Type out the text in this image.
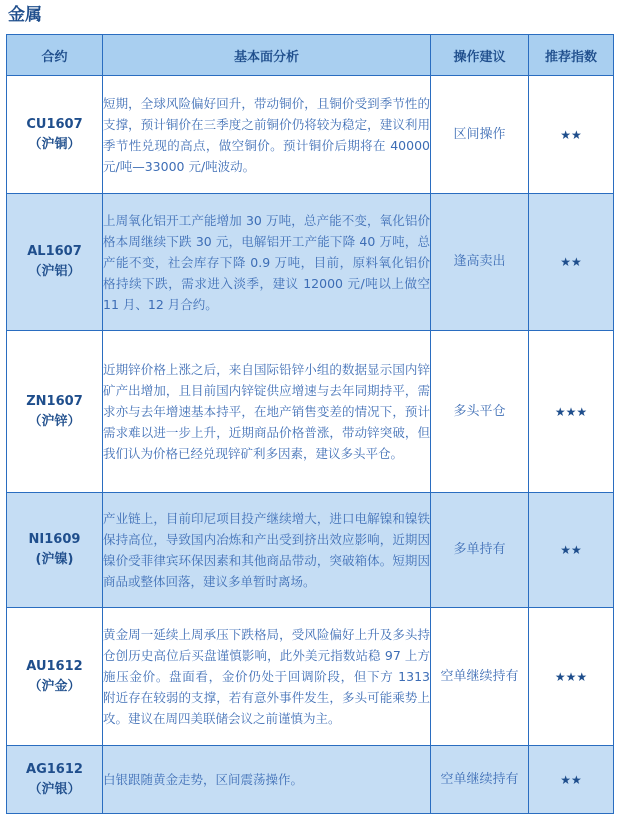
金属
合约	基本面分析	操作建议	推荐指数

CU1607
（沪铜）	短期，全球风险偏好回升，带动铜价，且铜价受到季节性的支撑，预计铜价在三季度之前铜价仍将较为稳定，建议利用季节性兑现的高点，做空铜价。预计铜价后期将在 40000 元/吨—33000 元/吨波动。	区间操作	★★

AL1607
（沪铝）	上周氧化铝开工产能增加 30 万吨，总产能不变，氧化铝价格本周继续下跌 30 元，电解铝开工产能下降 40 万吨，总产能不变，社会库存下降 0.9 万吨，目前，原料氧化铝价格持续下跌，需求进入淡季，建议 12000 元/吨以上做空 11 月、12 月合约。	逢高卖出	★★

ZN1607
（沪锌）	近期锌价格上涨之后，来自国际铅锌小组的数据显示国内锌矿产出增加，且目前国内锌锭供应增速与去年同期持平，需求亦与去年增速基本持平，在地产销售变差的情况下，预计需求难以进一步上升，近期商品价格普涨，带动锌突破，但我们认为价格已经兑现锌矿利多因素，建议多头平仓。	多头平仓	★★★

NI1609
(沪镍)	产业链上，目前印尼项目投产继续增大，进口电解镍和镍铁保持高位，导致国内冶炼和产出受到挤出效应影响，近期因镍价受菲律宾环保因素和其他商品带动，突破箱体。短期因商品或整体回落，建议多单暂时离场。	多单持有	★★

AU1612
（沪金）	黄金周一延续上周承压下跌格局，受风险偏好上升及多头持仓创历史高位后买盘谨慎影响，此外美元指数站稳 97 上方施压金价。盘面看，金价仍处于回调阶段，但下方 1313 附近存在较弱的支撑，若有意外事件发生，多头可能乘势上攻。建议在周四美联储会议之前谨慎为主。	空单继续持有	★★★

AG1612
（沪银）	白银跟随黄金走势，区间震荡操作。	空单继续持有	★★
